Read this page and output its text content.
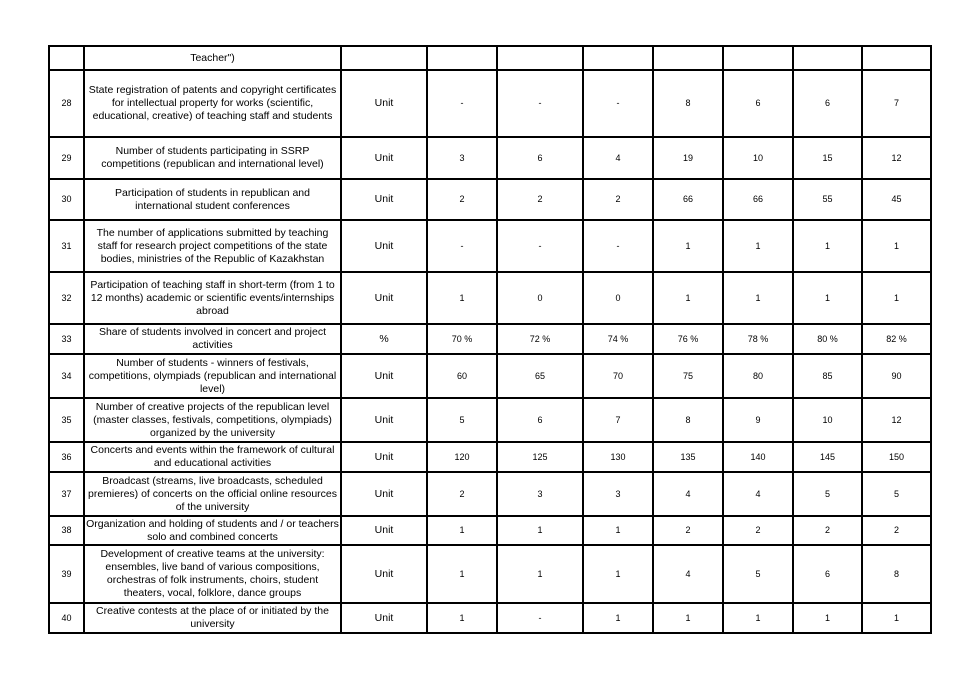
	Teacher")								
28	State registration of patents and copyright certificates for intellectual property for works (scientific, educational, creative) of teaching staff and students	Unit	-	-	-	8	6	6	7
29	Number of students participating in SSRP competitions (republican and international level)	Unit	3	6	4	19	10	15	12
30	Participation of students in republican and international student conferences	Unit	2	2	2	66	66	55	45
31	The number of applications submitted by teaching staff for research project competitions of the state bodies, ministries of the Republic of Kazakhstan	Unit	-	-	-	1	1	1	1
32	Participation of teaching staff in short-term (from 1 to 12 months) academic or scientific events/internships abroad	Unit	1	0	0	1	1	1	1
33	Share of students involved in concert and project activities	%	70 %	72 %	74 %	76 %	78 %	80 %	82 %
34	Number of students - winners of festivals, competitions, olympiads (republican and international level)	Unit	60	65	70	75	80	85	90
35	Number of creative projects of the republican level (master classes, festivals, competitions, olympiads) organized by the university	Unit	5	6	7	8	9	10	12
36	Concerts and events within the framework of cultural and educational activities	Unit	120	125	130	135	140	145	150
37	Broadcast (streams, live broadcasts, scheduled premieres) of concerts on the official online resources of the university	Unit	2	3	3	4	4	5	5
38	Organization and holding of students and / or teachers solo and combined concerts	Unit	1	1	1	2	2	2	2
39	Development of creative teams at the university: ensembles, live band of various compositions, orchestras of folk instruments, choirs, student theaters, vocal, folklore, dance groups	Unit	1	1	1	4	5	6	8
40	Creative contests at the place of or initiated by the university	Unit	1	-	1	1	1	1	1
